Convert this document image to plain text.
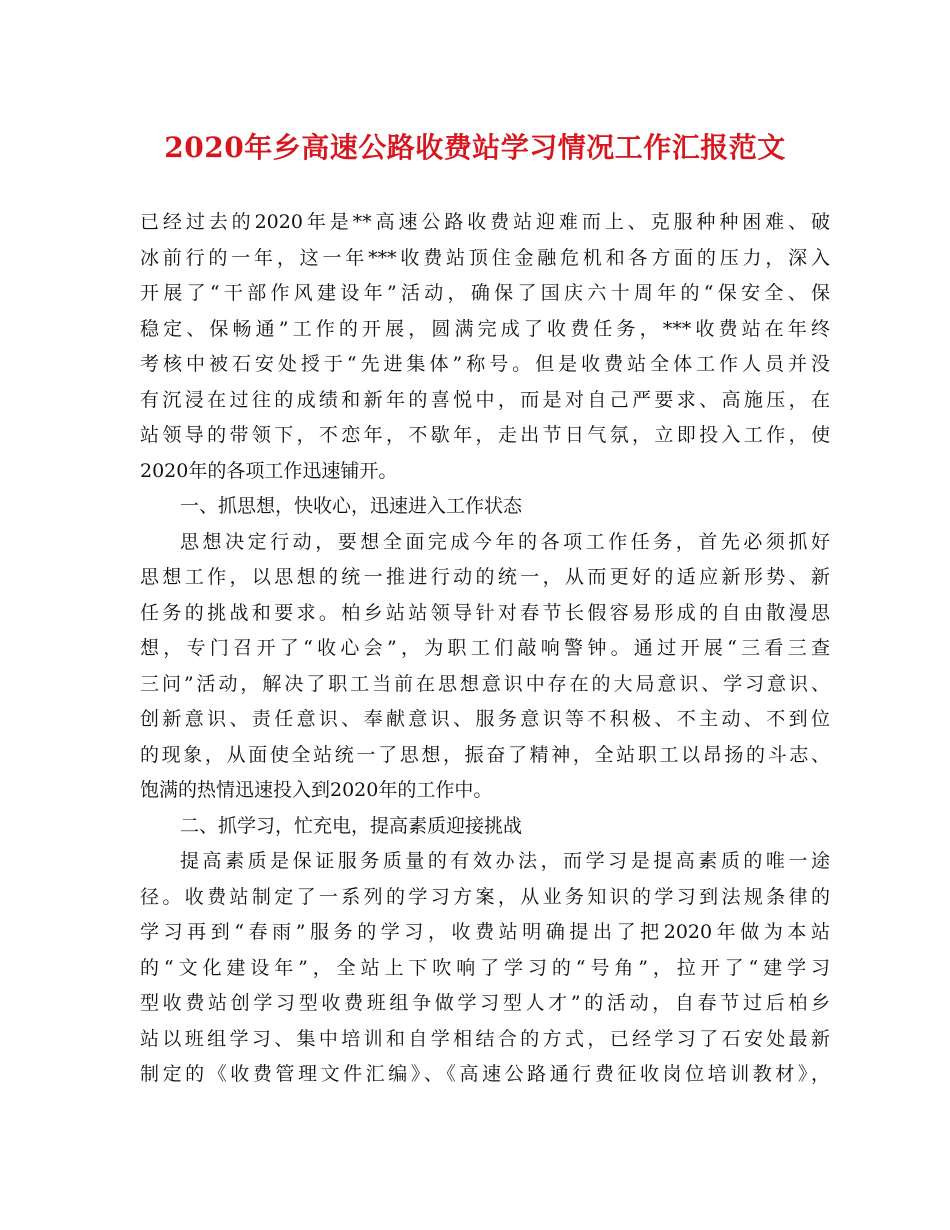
2020年乡高速公路收费站学习情况工作汇报范文
已经过去的2020年是**高速公路收费站迎难而上、克服种种困难、破
冰前行的一年，这一年***收费站顶住金融危机和各方面的压力，深入
开展了“干部作风建设年”活动，确保了国庆六十周年的“保安全、保
稳定、保畅通”工作的开展，圆满完成了收费任务，***收费站在年终
考核中被石安处授于“先进集体”称号。但是收费站全体工作人员并没
有沉浸在过往的成绩和新年的喜悦中，而是对自己严要求、高施压，在
站领导的带领下，不恋年，不歇年，走出节日气氛，立即投入工作，使
2020年的各项工作迅速铺开。
一、抓思想，快收心，迅速进入工作状态
思想决定行动，要想全面完成今年的各项工作任务，首先必须抓好
思想工作，以思想的统一推进行动的统一，从而更好的适应新形势、新
任务的挑战和要求。柏乡站站领导针对春节长假容易形成的自由散漫思
想，专门召开了“收心会”，为职工们敲响警钟。通过开展“三看三查
三问”活动，解决了职工当前在思想意识中存在的大局意识、学习意识、
创新意识、责任意识、奉献意识、服务意识等不积极、不主动、不到位
的现象，从面使全站统一了思想，振奋了精神，全站职工以昂扬的斗志、
饱满的热情迅速投入到2020年的工作中。
二、抓学习，忙充电，提高素质迎接挑战
提高素质是保证服务质量的有效办法，而学习是提高素质的唯一途
径。收费站制定了一系列的学习方案，从业务知识的学习到法规条律的
学习再到“春雨”服务的学习，收费站明确提出了把2020年做为本站
的“文化建设年”，全站上下吹响了学习的“号角”，拉开了“建学习
型收费站创学习型收费班组争做学习型人才”的活动，自春节过后柏乡
站以班组学习、集中培训和自学相结合的方式，已经学习了石安处最新
制定的《收费管理文件汇编》、《高速公路通行费征收岗位培训教材》，
